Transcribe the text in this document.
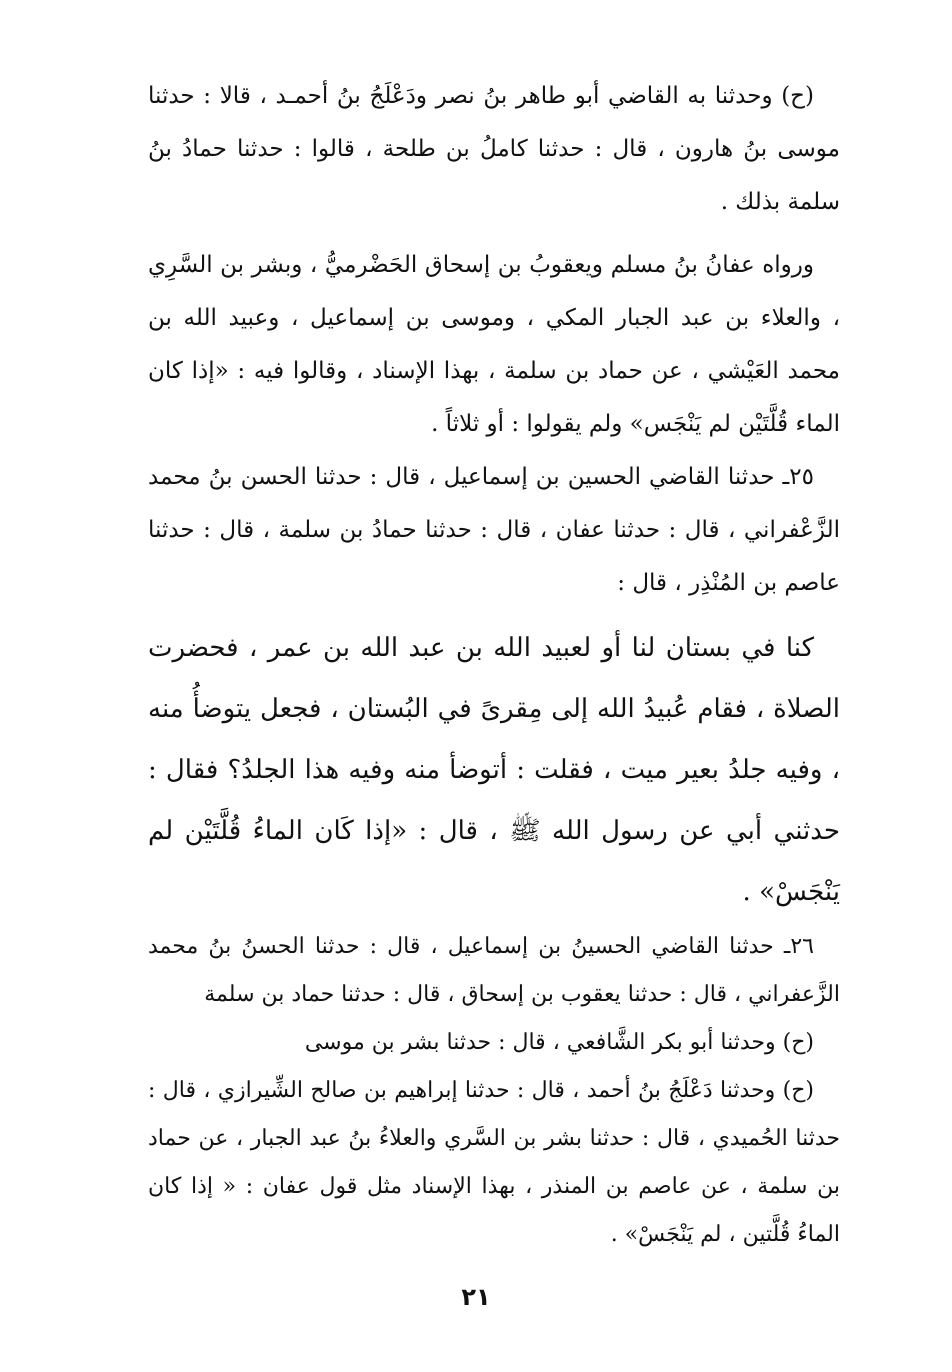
(ح) وحدثنا به القاضي أبو طاهر بنُ نصر ودَعْلَجُ بنُ أحمـد ، قالا : حدثنا موسى بنُ هارون ، قال : حدثنا كاملُ بن طلحة ، قالوا : حدثنا حمادُ بنُ سلمة بذلك .

ورواه عفانُ بنُ مسلم ويعقوبُ بن إسحاق الحَضْرميُّ ، وبشر بن السَّرِي ، والعلاء بن عبد الجبار المكي ، وموسى بن إسماعيل ، وعبيد الله بن محمد العَيْشي ، عن حماد بن سلمة ، بهذا الإسناد ، وقالوا فيه : «إذا كان الماء قُلَّتَيْن لم يَنْجَس» ولم يقولوا : أو ثلاثاً .

٢٥ـ حدثنا القاضي الحسين بن إسماعيل ، قال : حدثنا الحسن بنُ محمد الزَّعْفراني ، قال : حدثنا عفان ، قال : حدثنا حمادُ بن سلمة ، قال : حدثنا عاصم بن المُنْذِر ، قال :

كنا في بستان لنا أو لعبيد الله بن عبد الله بن عمر ، فحضرت الصلاة ، فقام عُبيدُ الله إلى مِقرىً في البُستان ، فجعل يتوضأُ منه ، وفيه جلدُ بعير ميت ، فقلت : أتوضأ منه وفيه هذا الجلدُ؟ فقال : حدثني أبي عن رسول الله ﷺ ، قال : «إذا كَان الماءُ قُلَّتَيْن لم يَنْجَسْ» .

٢٦ـ حدثنا القاضي الحسينُ بن إسماعيل ، قال : حدثنا الحسنُ بنُ محمد الزَّعفراني ، قال : حدثنا يعقوب بن إسحاق ، قال : حدثنا حماد بن سلمة

(ح) وحدثنا أبو بكر الشَّافعي ، قال : حدثنا بشر بن موسى

(ح) وحدثنا دَعْلَجُ بنُ أحمد ، قال : حدثنا إبراهيم بن صالح الشِّيرازي ، قال : حدثنا الحُميدي ، قال : حدثنا بشر بن السَّري والعلاءُ بنُ عبد الجبار ، عن حماد بن سلمة ، عن عاصم بن المنذر ، بهذا الإسناد مثل قول عفان : « إذا كان الماءُ قُلَّتين ، لم يَنْجَسْ» .

٢١
